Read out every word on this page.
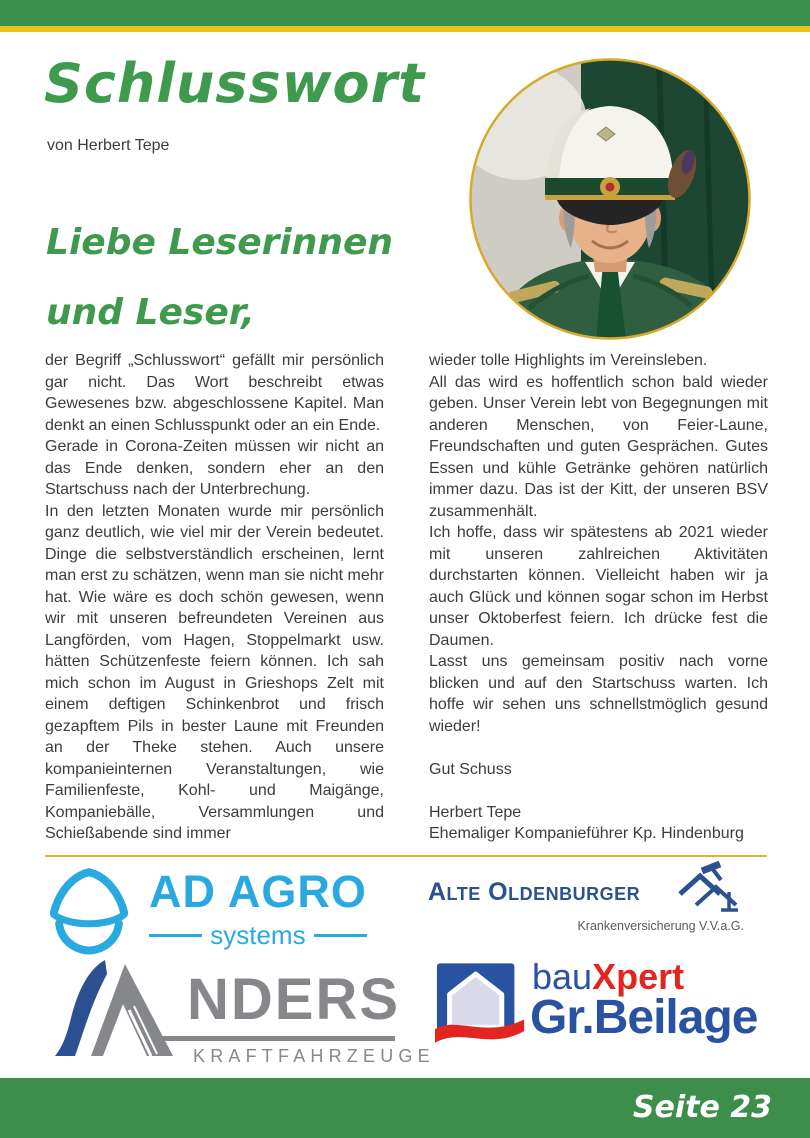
Schlusswort
von Herbert Tepe
Liebe Leserinnen
und Leser,

der Begriff „Schlusswort“ gefällt mir persönlich gar nicht. Das Wort beschreibt etwas Gewesenes bzw. abgeschlossene Kapitel. Man denkt an einen Schlusspunkt oder an ein Ende.

Gerade in Corona-Zeiten müssen wir nicht an das Ende denken, sondern eher an den Startschuss nach der Unterbrechung.

In den letzten Monaten wurde mir persönlich ganz deutlich, wie viel mir der Verein bedeutet. Dinge die selbstverständlich erscheinen, lernt man erst zu schätzen, wenn man sie nicht mehr hat. Wie wäre es doch schön gewesen, wenn wir mit unseren befreundeten Vereinen aus Langförden, vom Hagen, Stoppelmarkt usw. hätten Schützenfeste feiern können. Ich sah mich schon im August in Grieshops Zelt mit einem deftigen Schinkenbrot und frisch gezapftem Pils in bester Laune mit Freunden an der Theke stehen. Auch unsere kompanieinternen Veranstaltungen, wie Familienfeste, Kohl- und Maigänge, Kompaniebälle, Versammlungen und Schießabende sind immer

wieder tolle Highlights im Vereinsleben.

All das wird es hoffentlich schon bald wieder geben. Unser Verein lebt von Begegnungen mit anderen Menschen, von Feier-Laune, Freundschaften und guten Gesprächen. Gutes Essen und kühle Getränke gehören natürlich immer dazu. Das ist der Kitt, der unseren BSV zusammenhält.

Ich hoffe, dass wir spätestens ab 2021 wieder mit unseren zahlreichen Aktivitäten durchstarten können. Vielleicht haben wir ja auch Glück und können sogar schon im Herbst unser Oktoberfest feiern. Ich drücke fest die Daumen.

Lasst uns gemeinsam positiv nach vorne blicken und auf den Startschuss warten. Ich hoffe wir sehen uns schnellstmöglich gesund wieder!

Gut Schuss

Herbert Tepe

Ehemaliger Kompanieführer Kp. Hindenburg

AD AGRO
systems
Alte Oldenburger
Krankenversicherung V.V.a.G.
NDERS
KRAFTFAHRZEUGE
bauXpert
Gr.Beilage
Seite 23
